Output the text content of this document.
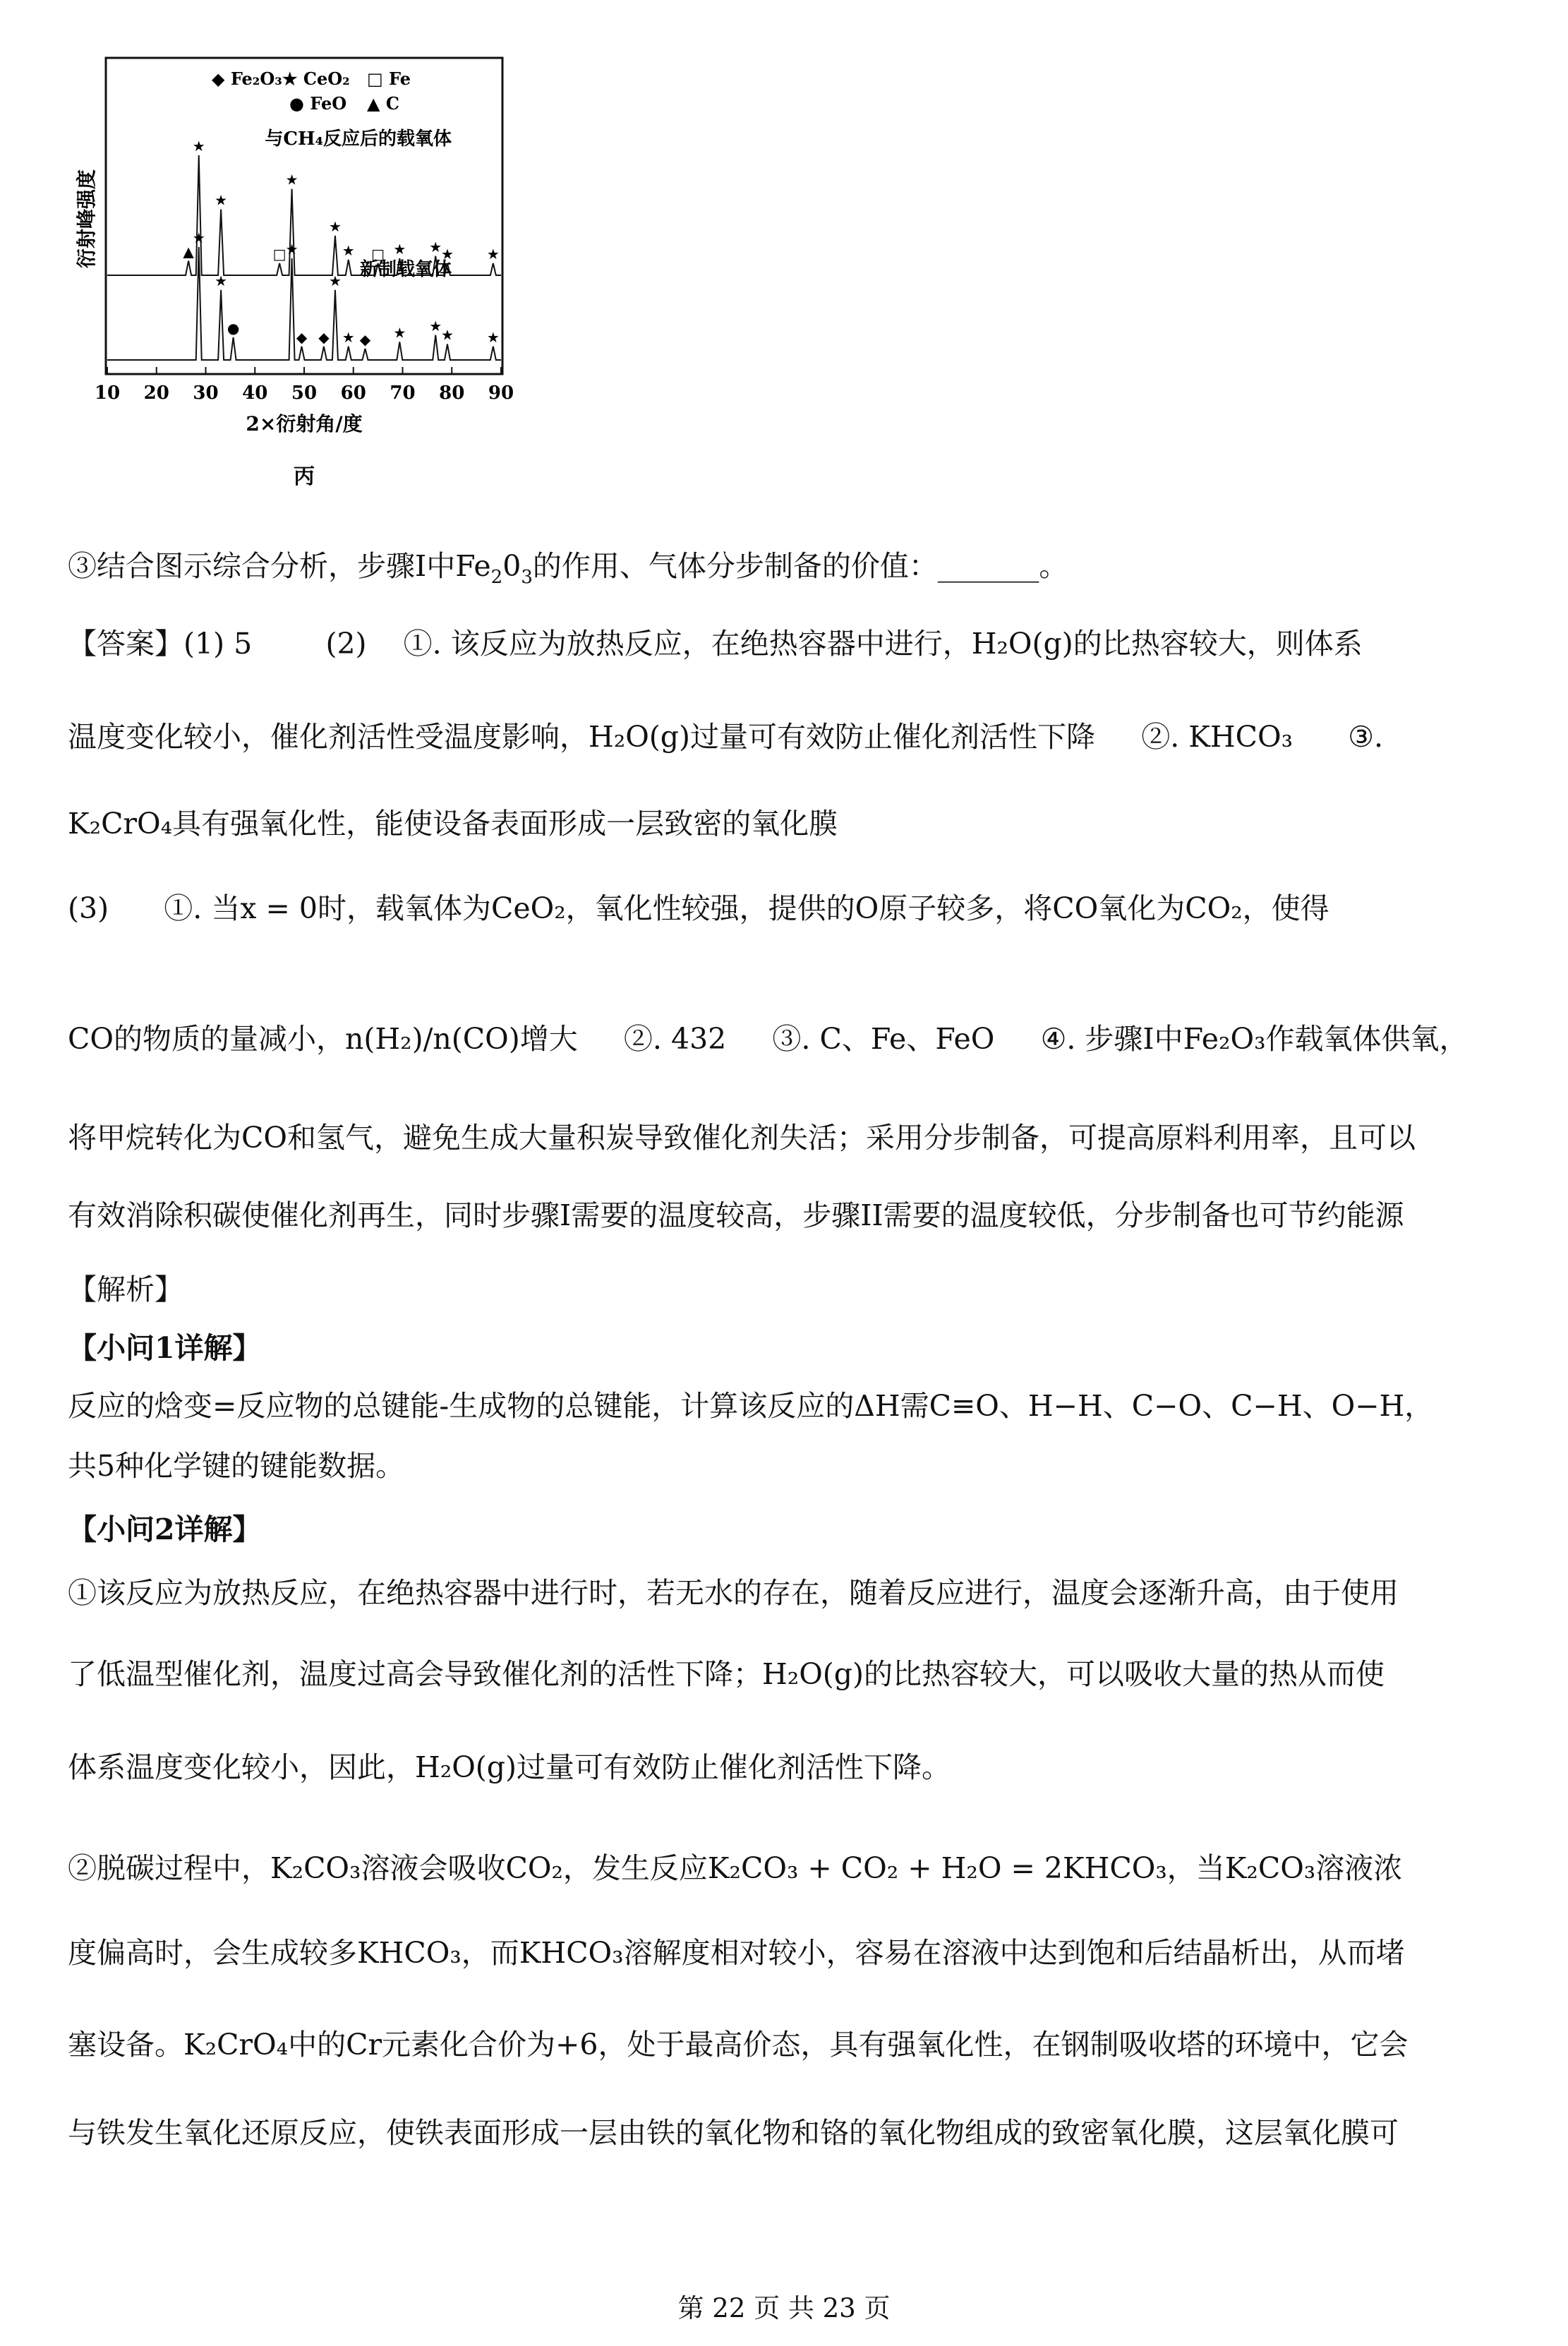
◆ Fe₂O₃ ★ CeO₂ □ Fe
● FeO ▲ C
▲
★
★
□
★
★
★ □ ★ ★
★ ★
与CH₄反应后的载氧体
★
★
●
★
◆ ◆
★
★ ◆ ★ ★
★ ★
新制载氧体
10 20 30 40 50 60 70 80 90
衍射峰强度
2×衍射角/度
丙
③结合图示综合分析，步骤I中$Fe_20_3$的作用、气体分步制备的价值：_______。
【答案】(1) 5        (2)    ①. 该反应为放热反应，在绝热容器中进行，H₂O(g)的比热容较大，则体系
温度变化较小，催化剂活性受温度影响，H₂O(g)过量可有效防止催化剂活性下降     ②. KHCO₃      ③.
K₂CrO₄具有强氧化性，能使设备表面形成一层致密的氧化膜
(3)      ①. 当x = 0时，载氧体为CeO₂，氧化性较强，提供的O原子较多，将CO氧化为CO₂，使得
CO的物质的量减小，n(H₂)/n(CO)增大     ②. 432     ③. C、Fe、FeO     ④. 步骤I中Fe₂O₃作载氧体供氧，
将甲烷转化为CO和氢气，避免生成大量积炭导致催化剂失活；采用分步制备，可提高原料利用率，且可以
有效消除积碳使催化剂再生，同时步骤I需要的温度较高，步骤II需要的温度较低，分步制备也可节约能源
【解析】
【小问1详解】
反应的焓变=反应物的总键能-生成物的总键能，计算该反应的ΔH需C≡O、H−H、C−O、C−H、O−H，
共5种化学键的键能数据。
【小问2详解】
①该反应为放热反应，在绝热容器中进行时，若无水的存在，随着反应进行，温度会逐渐升高，由于使用
了低温型催化剂，温度过高会导致催化剂的活性下降；H₂O(g)的比热容较大，可以吸收大量的热从而使
体系温度变化较小，因此，H₂O(g)过量可有效防止催化剂活性下降。
②脱碳过程中，K₂CO₃溶液会吸收CO₂，发生反应K₂CO₃ + CO₂ + H₂O = 2KHCO₃，当K₂CO₃溶液浓
度偏高时，会生成较多KHCO₃，而KHCO₃溶解度相对较小，容易在溶液中达到饱和后结晶析出，从而堵
塞设备。K₂CrO₄中的Cr元素化合价为+6，处于最高价态，具有强氧化性，在钢制吸收塔的环境中，它会
与铁发生氧化还原反应，使铁表面形成一层由铁的氧化物和铬的氧化物组成的致密氧化膜，这层氧化膜可
第 22 页 共 23 页
